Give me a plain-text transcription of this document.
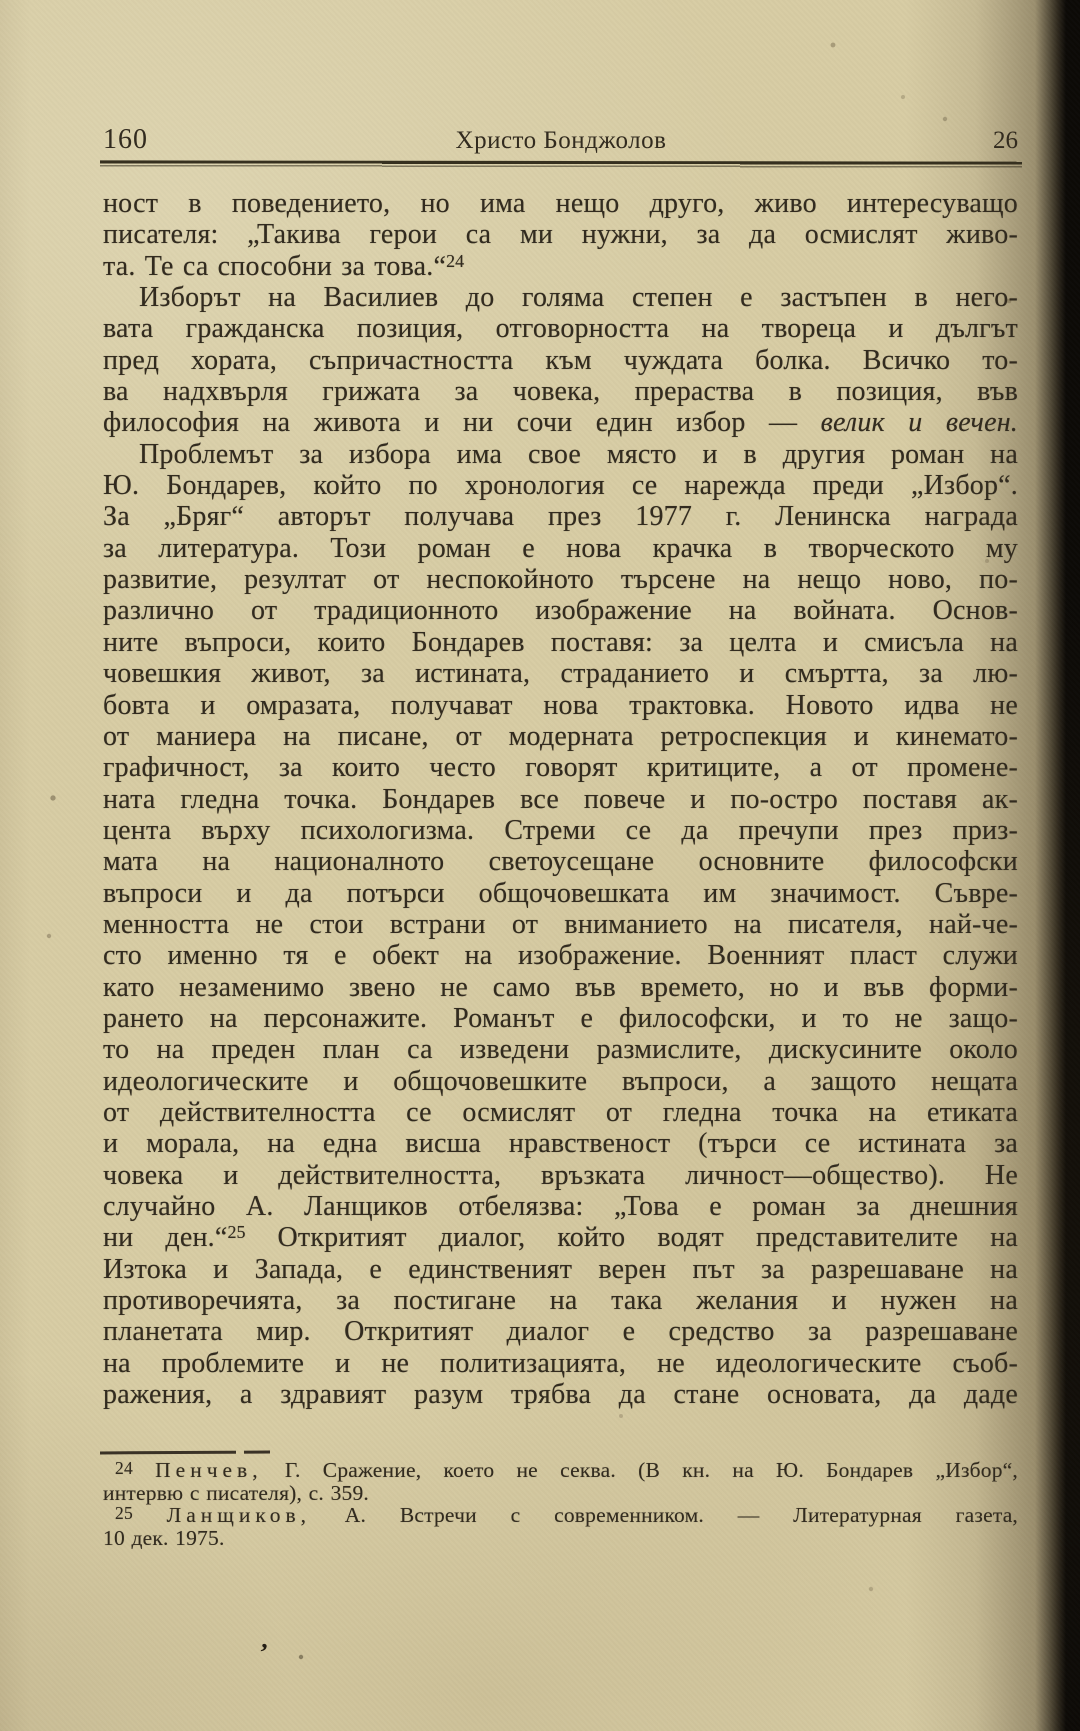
160	Христо Бонджолов	26
ност в поведението, но има нещо друго, живо интересуващо
писателя: „Такива герои са ми нужни, за да осмислят живо-
та. Те са способни за това.“$^{24}$
Изборът на Василиев до голяма степен е застъпен в него-
вата гражданска позиция, отговорността на твореца и дългът
пред хората, съпричастността към чуждата болка. Всичко то-
ва надхвърля грижата за човека, прераства в позиция, във
философия на живота и ни сочи един избор — велик и вечен.
Проблемът за избора има свое място и в другия роман на
Ю. Бондарев, който по хронология се нарежда преди „Избор“.
За „Бряг“ авторът получава през 1977 г. Ленинска награда
за литература. Този роман е нова крачка в творческото му
развитие, резултат от неспокойното търсене на нещо ново, по-
различно от традиционното изображение на войната. Основ-
ните въпроси, които Бондарев поставя: за целта и смисъла на
човешкия живот, за истината, страданието и смъртта, за лю-
бовта и омразата, получават нова трактовка. Новото идва не
от маниера на писане, от модерната ретроспекция и кинемато-
графичност, за които често говорят критиците, а от промене-
ната гледна точка. Бондарев все повече и по-остро поставя ак-
цента върху психологизма. Стреми се да пречупи през приз-
мата на националното светоусещане основните философски
въпроси и да потърси общочовешката им значимост. Съвре-
менността не стои встрани от вниманието на писателя, най-че-
сто именно тя е обект на изображение. Военният пласт служи
като незаменимо звено не само във времето, но и във форми-
рането на персонажите. Романът е философски, и то не защо-
то на преден план са изведени размислите, дискусините около
идеологическите и общочовешките въпроси, а защото нещата
от действителността се осмислят от гледна точка на етиката
и морала, на една висша нравственост (търси се истината за
човека и действителността, връзката личност—общество). Не
случайно А. Ланщиков отбелязва: „Това е роман за днешния
ни ден.“$^{25}$ Откритият диалог, който водят представителите на
Изтока и Запада, е единственият верен път за разрешаване на
противоречията, за постигане на така желания и нужен на
планетата мир. Откритият диалог е средство за разрешаване
на проблемите и не политизацията, не идеологическите съоб-
ражения, а здравият разум трябва да стане основата, да даде
24 Пенчев, Г. Сражение, което не секва. (В кн. на Ю. Бондарев „Избор“,
интервю с писателя), с. 359.
25 Ланщиков, А. Встречи с современником. — Литературная газета,
10 дек. 1975.
’
